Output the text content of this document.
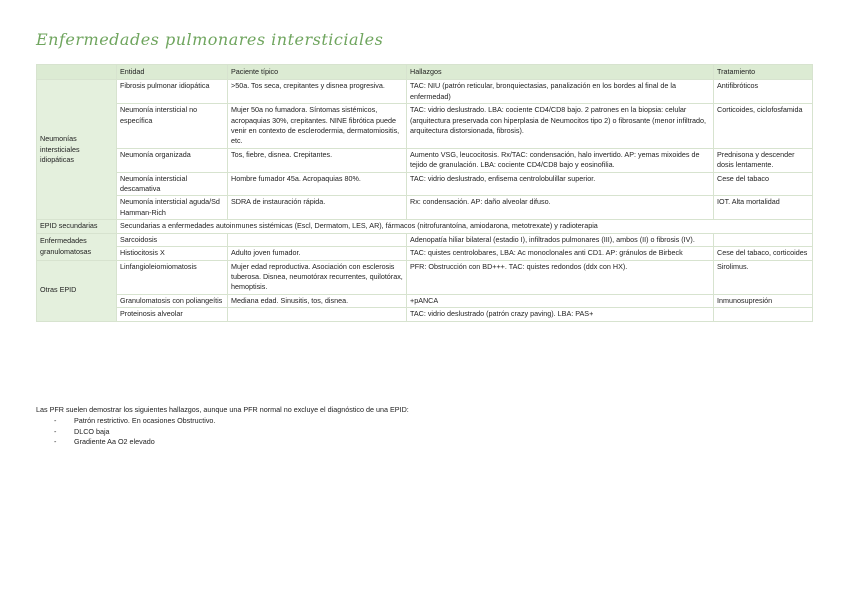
Enfermedades pulmonares intersticiales
	Entidad	Paciente típico	Hallazgos	Tratamiento
Neumonías intersticiales idiopáticas	Fibrosis pulmonar idiopática	>50a. Tos seca, crepitantes y disnea progresiva.	TAC: NIU (patrón reticular, bronquiectasias, panalización en los bordes al final de la enfermedad)	Antifibróticos
	Neumonía intersticial no específica	Mujer 50a no fumadora. Síntomas sistémicos, acropaquias 30%, crepitantes. NINE fibrótica puede venir en contexto de esclerodermia, dermatomiositis, etc.	TAC: vidrio deslustrado. LBA: cociente CD4/CD8 bajo. 2 patrones en la biopsia: celular (arquitectura preservada con hiperplasia de Neumocitos tipo 2) o fibrosante (menor infiltrado, arquitectura distorsionada, fibrosis).	Corticoides, ciclofosfamida
	Neumonía organizada	Tos, fiebre, disnea. Crepitantes.	Aumento VSG, leucocitosis. Rx/TAC: condensación, halo invertido. AP: yemas mixoides de tejido de granulación. LBA: cociente CD4/CD8 bajo y eosinofilia.	Prednisona y descender dosis lentamente.
	Neumonía intersticial descamativa	Hombre fumador 45a. Acropaquias 80%.	TAC: vidrio deslustrado, enfisema centrolobulillar superior.	Cese del tabaco
	Neumonía intersticial aguda/Sd Hamman-Rich	SDRA de instauración rápida.	Rx: condensación. AP: daño alveolar difuso.	IOT. Alta mortalidad
EPID secundarias	Secundarias a enfermedades autoinmunes sistémicas (Escl, Dermatom, LES, AR), fármacos (nitrofurantoína, amiodarona, metotrexate) y radioterapia			
Enfermedades granulomatosas	Sarcoidosis		Adenopatía hiliar bilateral (estadio I), infiltrados pulmonares (III), ambos (II) o fibrosis (IV).	
	Histiocitosis X	Adulto joven fumador.	TAC: quistes centrolobares, LBA: Ac monoclonales anti CD1. AP: gránulos de Birbeck	Cese del tabaco, corticoides
Otras EPID	Linfangioleiomiomatosis	Mujer edad reproductiva. Asociación con esclerosis tuberosa. Disnea, neumotórax recurrentes, quilotórax, hemoptisis.	PFR: Obstrucción con BD+++. TAC: quistes redondos (ddx con HX).	Sirolimus.
	Granulomatosis con poliangeítis	Mediana edad. Sinusitis, tos, disnea.	+pANCA	Inmunosupresión
	Proteinosis alveolar		TAC: vidrio deslustrado (patrón crazy paving). LBA: PAS+	
Las PFR suelen demostrar los siguientes hallazgos, aunque una PFR normal no excluye el diagnóstico de una EPID:
- Patrón restrictivo. En ocasiones Obstructivo.
- DLCO baja
- Gradiente Aa O2 elevado
